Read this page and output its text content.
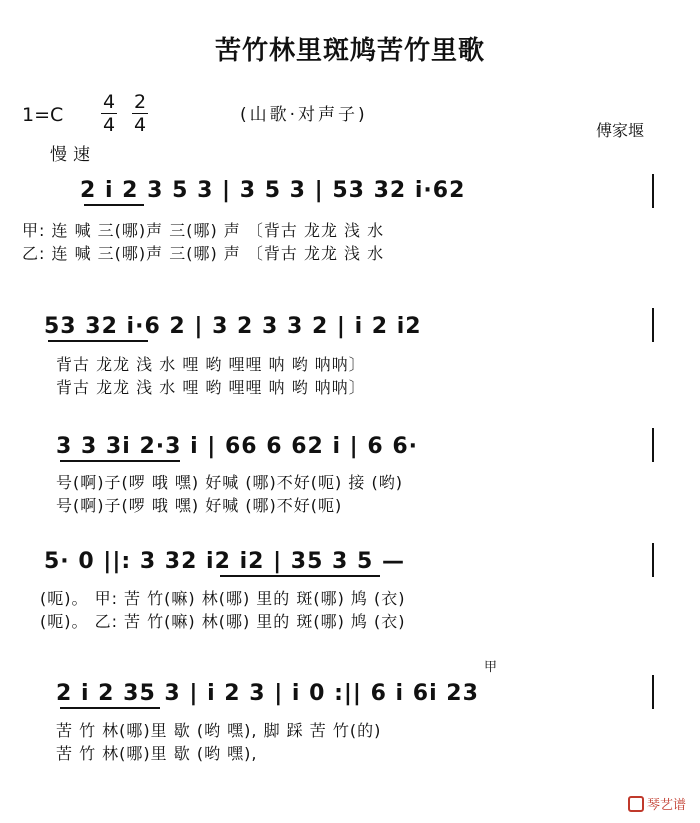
苦竹林里斑鸠苦竹里歌
1=C
4
4
2
4	(山歌·对声子)
傅家堰
慢速
2 i 2 3 5 3 | 3 5 3 | 53 32 i·62
甲: 连 喊 三(哪)声 三(哪) 声 〔背古 龙龙 浅 水
乙: 连 喊 三(哪)声 三(哪) 声 〔背古 龙龙 浅 水
53 32 i·6 2 | 3 2 3 3 2 | i 2 i2
背古 龙龙 浅 水 哩 哟 哩哩 呐 哟 呐呐〕
背古 龙龙 浅 水 哩 哟 哩哩 呐 哟 呐呐〕
3 3 3i 2·3 i | 66 6 62 i | 6 6·
号(啊)子(啰 哦 嘿) 好喊 (哪)不好(呃) 接 (哟)
号(啊)子(啰 哦 嘿) 好喊 (哪)不好(呃)
5· 0 ||: 3 32 i2 i2 | 35 3 5 —
(呃)。 甲: 苦 竹(嘛) 林(哪) 里的 斑(哪) 鸠 (衣)
(呃)。 乙: 苦 竹(嘛) 林(哪) 里的 斑(哪) 鸠 (衣)
甲
2 i 2 35 3 | i 2 3 | i 0 :|| 6 i 6i 23
苦 竹 林(哪)里 歇 (哟 嘿), 脚 踩 苦 竹(的)
苦 竹 林(哪)里 歇 (哟 嘿),
琴艺谱
